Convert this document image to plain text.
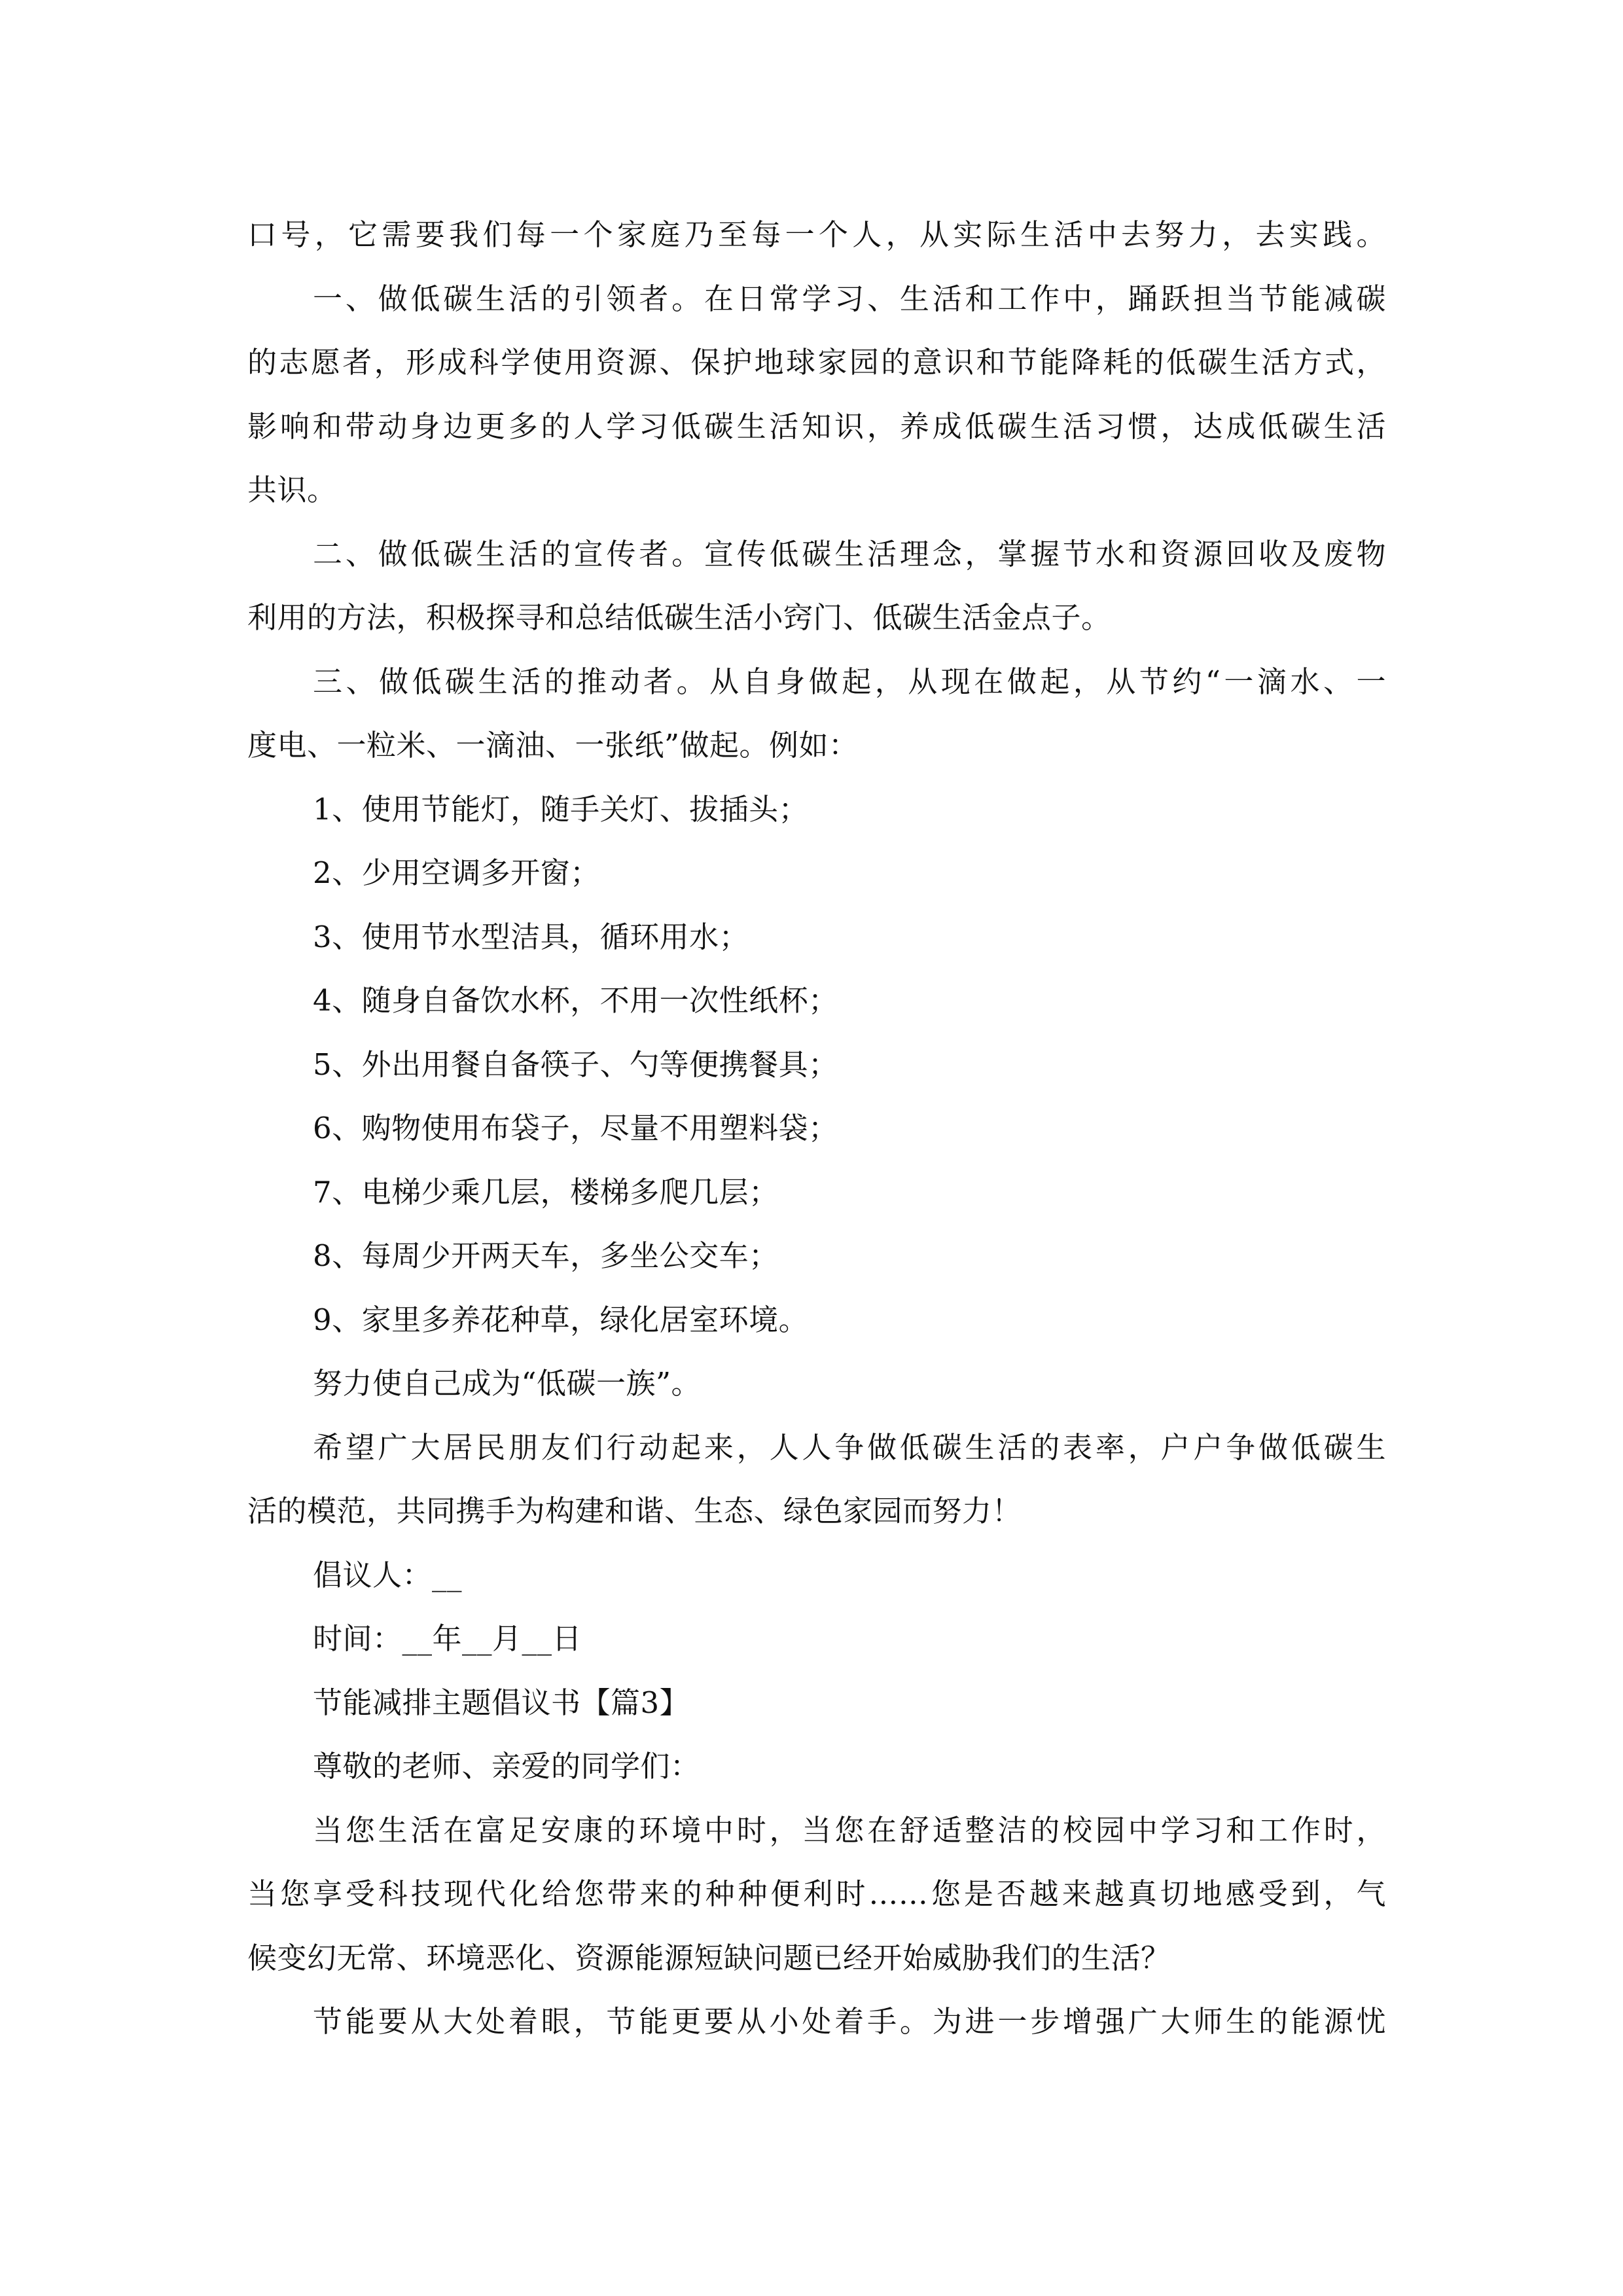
口号，它需要我们每一个家庭乃至每一个人，从实际生活中去努力，去实践。
一、做低碳生活的引领者。在日常学习、生活和工作中，踊跃担当节能减碳
的志愿者，形成科学使用资源、保护地球家园的意识和节能降耗的低碳生活方式，
影响和带动身边更多的人学习低碳生活知识，养成低碳生活习惯，达成低碳生活
共识。
二、做低碳生活的宣传者。宣传低碳生活理念，掌握节水和资源回收及废物
利用的方法，积极探寻和总结低碳生活小窍门、低碳生活金点子。
三、做低碳生活的推动者。从自身做起，从现在做起，从节约“一滴水、一
度电、一粒米、一滴油、一张纸”做起。例如：
1、使用节能灯，随手关灯、拔插头；
2、少用空调多开窗；
3、使用节水型洁具，循环用水；
4、随身自备饮水杯，不用一次性纸杯；
5、外出用餐自备筷子、勺等便携餐具；
6、购物使用布袋子，尽量不用塑料袋；
7、电梯少乘几层，楼梯多爬几层；
8、每周少开两天车，多坐公交车；
9、家里多养花种草，绿化居室环境。
努力使自己成为“低碳一族”。
希望广大居民朋友们行动起来，人人争做低碳生活的表率，户户争做低碳生
活的模范，共同携手为构建和谐、生态、绿色家园而努力！
倡议人：__
时间：__年__月__日
节能减排主题倡议书【篇3】
尊敬的老师、亲爱的同学们：
当您生活在富足安康的环境中时，当您在舒适整洁的校园中学习和工作时，
当您享受科技现代化给您带来的种种便利时……您是否越来越真切地感受到，气
候变幻无常、环境恶化、资源能源短缺问题已经开始威胁我们的生活？
节能要从大处着眼，节能更要从小处着手。为进一步增强广大师生的能源忧
